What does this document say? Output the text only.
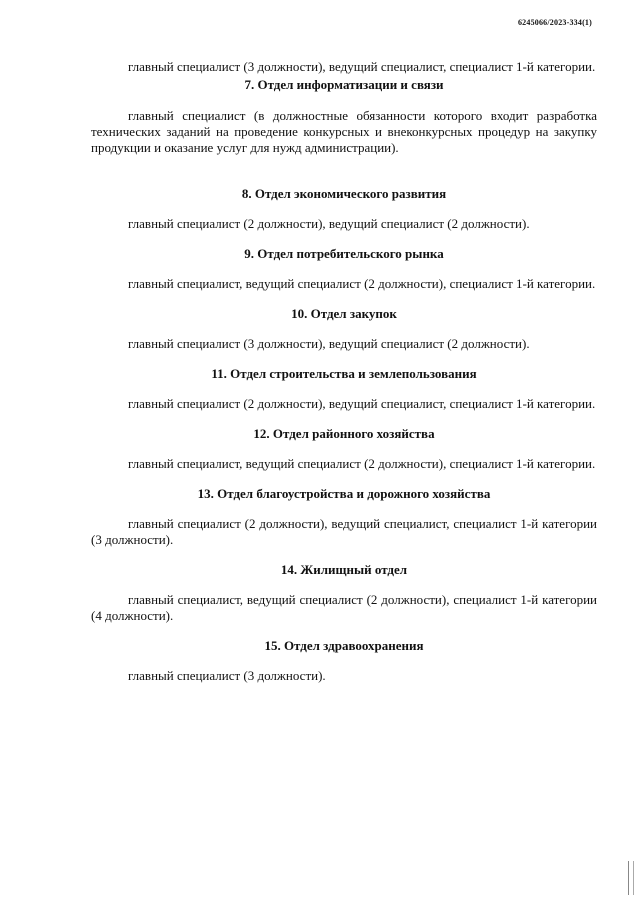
6245066/2023-334(1)

главный специалист (3 должности), ведущий специалист, специалист 1-й категории.

7. Отдел информатизации и связи

главный специалист (в должностные обязанности которого входит разработка технических заданий на проведение конкурсных и внеконкурсных процедур на закупку продукции и оказание услуг для нужд администрации).

8. Отдел экономического развития

главный специалист (2 должности), ведущий специалист (2 должности).

9. Отдел потребительского рынка

главный специалист, ведущий специалист (2 должности), специалист 1-й категории.

10. Отдел закупок

главный специалист (3 должности), ведущий специалист (2 должности).

11. Отдел строительства и землепользования

главный специалист (2 должности), ведущий специалист, специалист 1-й категории.

12. Отдел районного хозяйства

главный специалист, ведущий специалист (2 должности), специалист 1-й категории.

13. Отдел благоустройства и дорожного хозяйства

главный специалист (2 должности), ведущий специалист, специалист 1-й категории (3 должности).

14. Жилищный отдел

главный специалист, ведущий специалист (2 должности), специалист 1-й категории (4 должности).

15. Отдел здравоохранения

главный специалист (3 должности).
